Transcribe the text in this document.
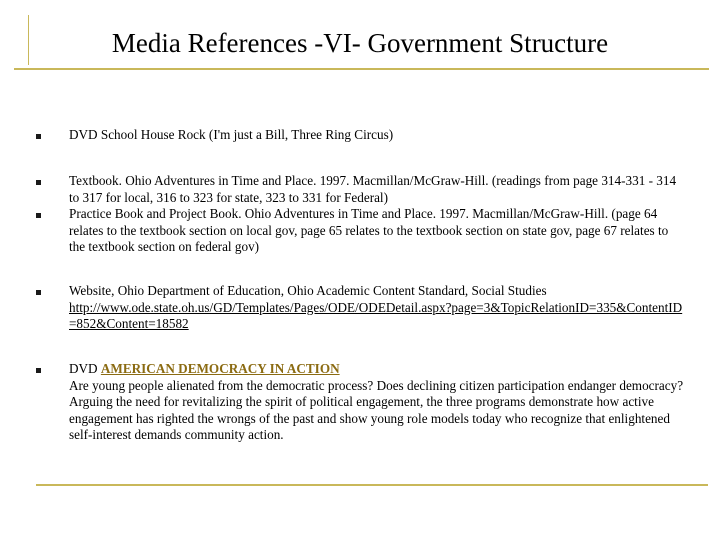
Media References -VI- Government Structure
DVD School House Rock (I'm just a Bill, Three Ring Circus)
Textbook. Ohio Adventures in Time and Place. 1997. Macmillan/McGraw-Hill. (readings from page 314-331 - 314 to 317 for local, 316 to 323 for state, 323 to 331 for Federal)
Practice Book and Project Book. Ohio Adventures in Time and Place. 1997. Macmillan/McGraw-Hill. (page 64 relates to the textbook section on local gov, page 65 relates to the textbook section on state gov, page 67 relates to the textbook section on federal gov)
Website, Ohio Department of Education, Ohio Academic Content Standard, Social Studies
http://www.ode.state.oh.us/GD/Templates/Pages/ODE/ODEDetail.aspx?page=3&TopicRelationID=335&ContentID=852&Content=18582
DVD AMERICAN DEMOCRACY IN ACTION
Are young people alienated from the democratic process? Does declining citizen participation endanger democracy? Arguing the need for revitalizing the spirit of political engagement, the three programs demonstrate how active engagement has righted the wrongs of the past and show young role models today who recognize that enlightened self-interest demands community action.
